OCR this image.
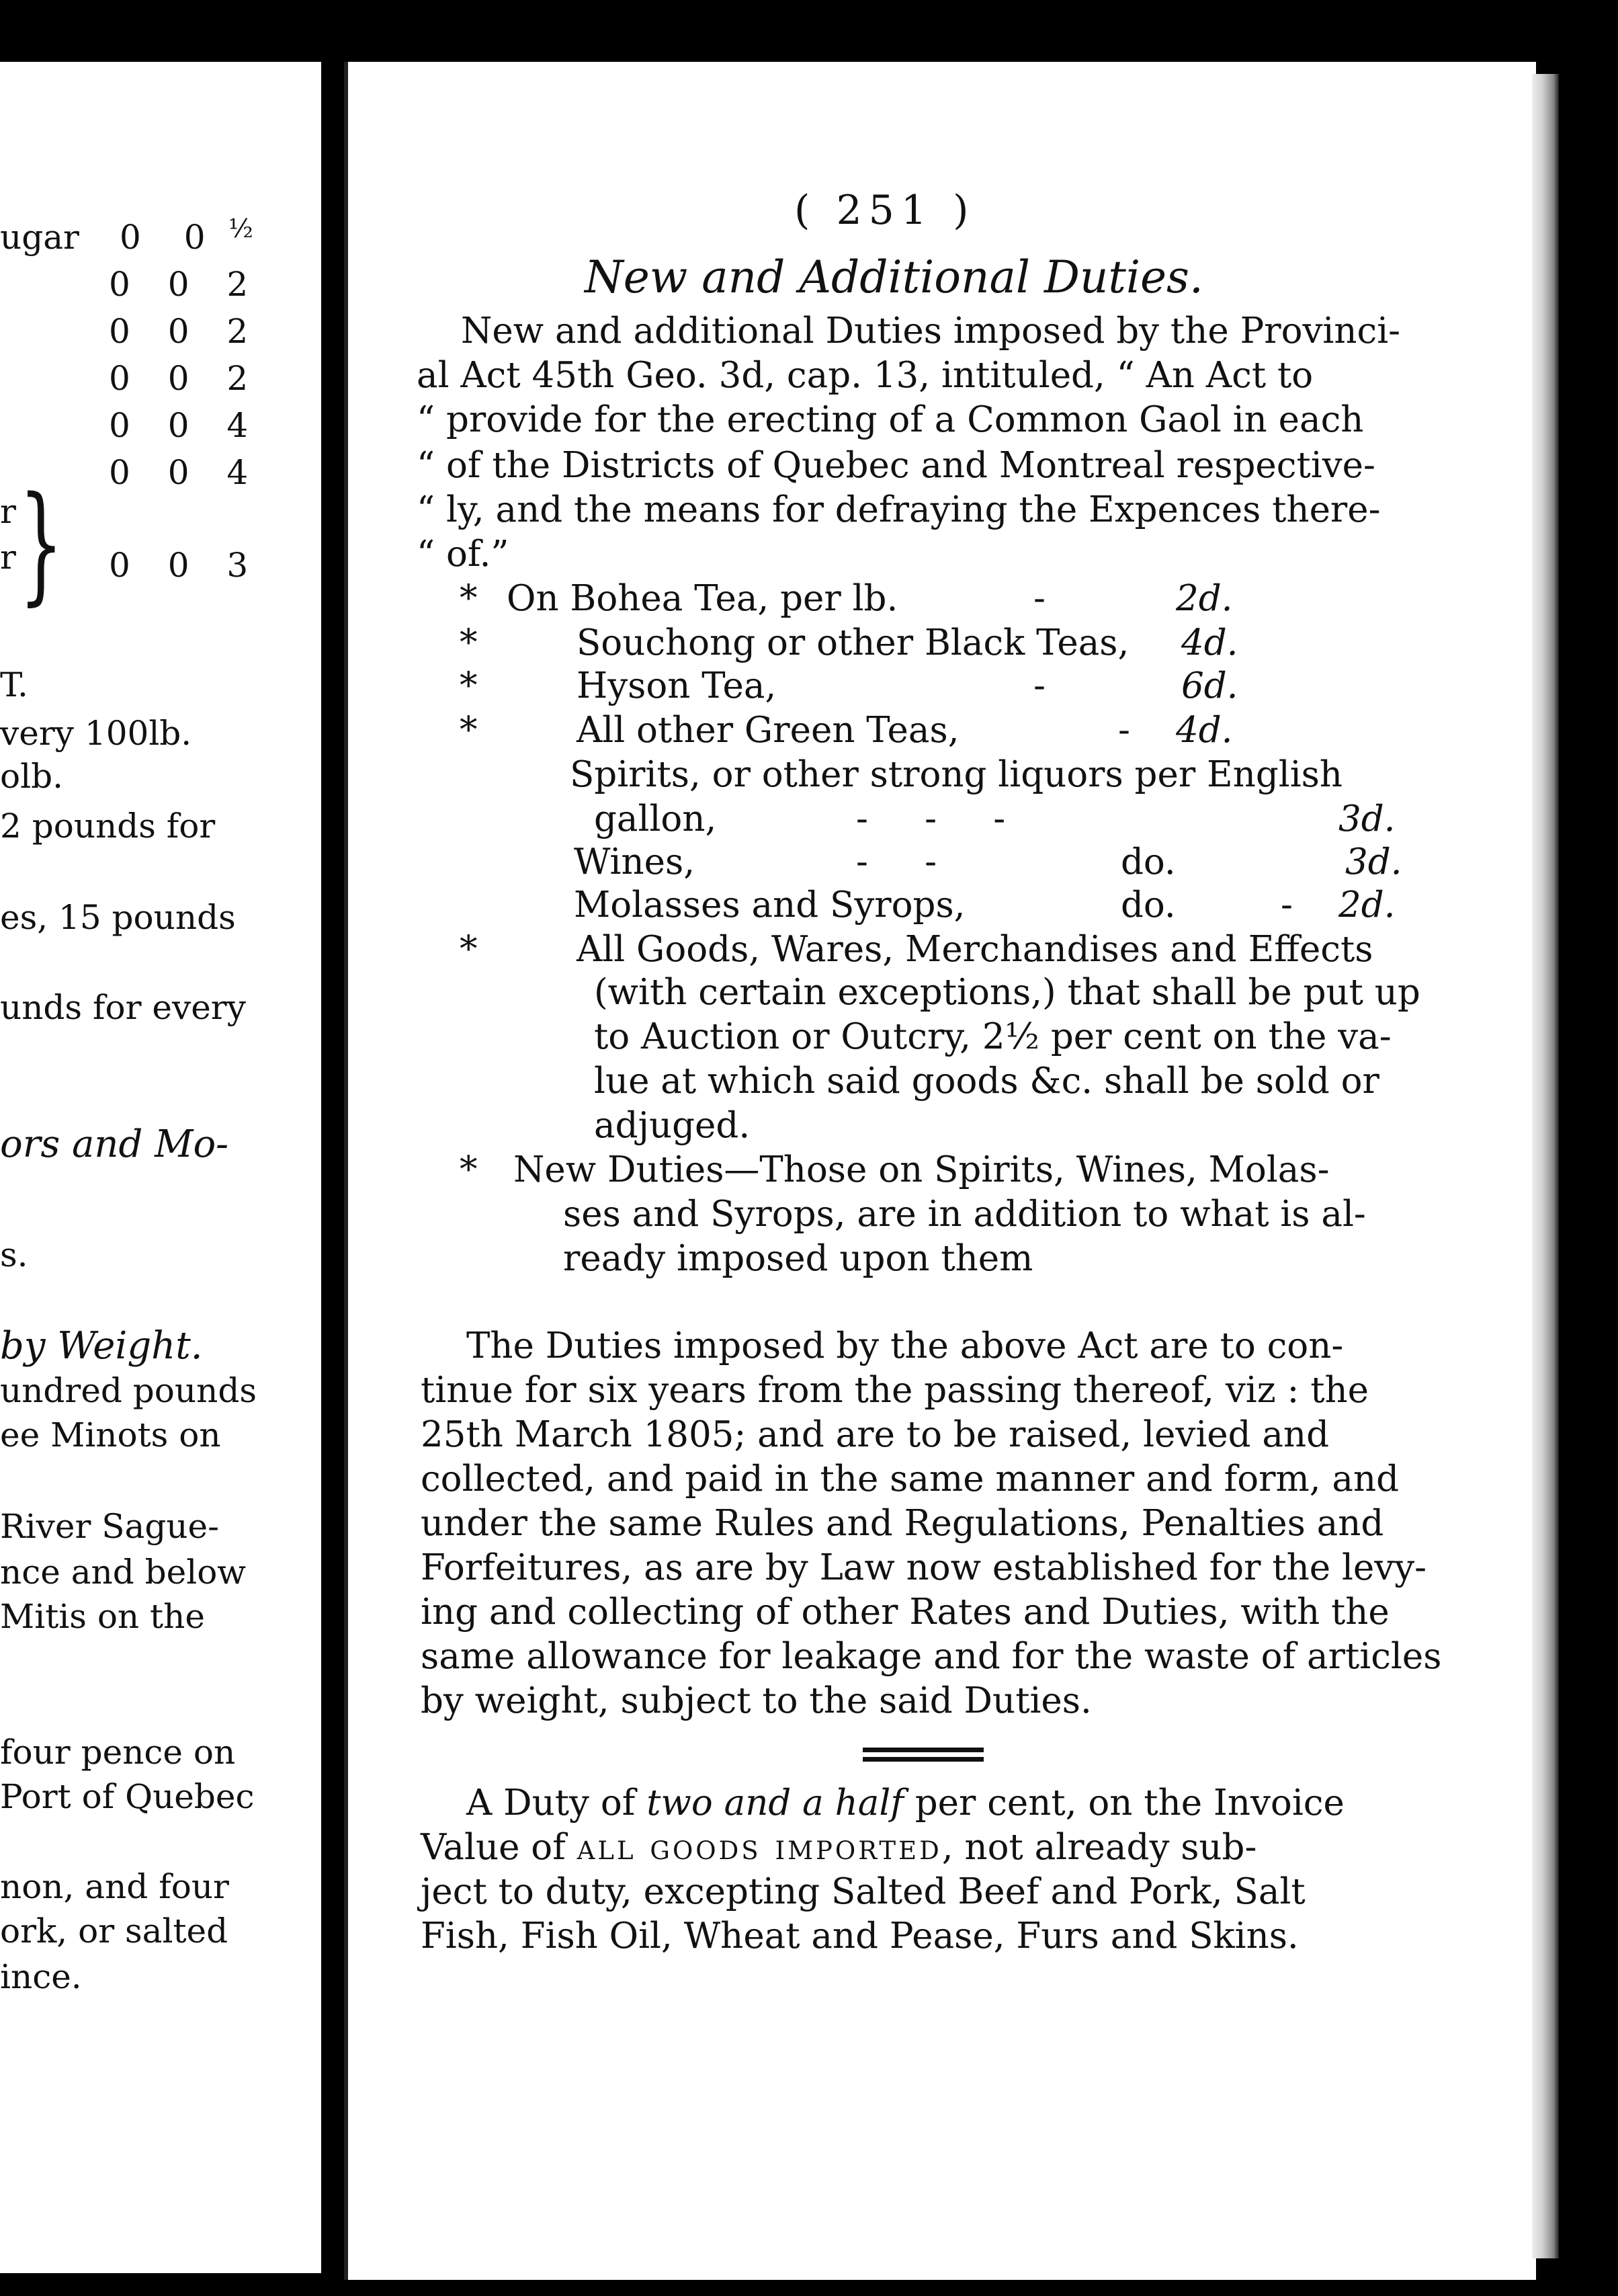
ugar 0 0 ½
0 0 2
0 0 2
0 0 2
0 0 4
0 0 4
r
r } 0 0 3
T.
very 100lb.
olb.
2 pounds for
es, 15 pounds
unds for every
ors and Mo-
s.
by Weight.
undred pounds
ee Minots on
River Sague-
nce and below
Mitis on the
four pence on
Port of Quebec
non, and four
ork, or salted
ince.
( 251 )
New and Additional Duties.
New and additional Duties imposed by the Provinci-
al Act 45th Geo. 3d, cap. 13, intituled, “ An Act to
“ provide for the erecting of a Common Gaol in each
“ of the Districts of Quebec and Montreal respective-
“ ly, and the means for defraying the Expences there-
“ of.”
* On Bohea Tea, per lb.	-	2d.
*	Souchong or other Black Teas, 4d.
*	Hyson Tea,	-	6d.
*	All other Green Teas,	- 4d.
Spirits, or other strong liquors per English
gallon,	-     -     -	3d.
Wines,	-     -	do.	3d.
Molasses and Syrops,	do.	- 2d.
*	All Goods, Wares, Merchandises and Effects
(with certain exceptions,) that shall be put up
to Auction or Outcry, 2½ per cent on the va-
lue at which said goods &c. shall be sold or
adjuged.
* New Duties—Those on Spirits, Wines, Molas-
ses and Syrops, are in addition to what is al-
ready imposed upon them
The Duties imposed by the above Act are to con-
tinue for six years from the passing thereof, viz : the
25th March 1805; and are to be raised, levied and
collected, and paid in the same manner and form, and
under the same Rules and Regulations, Penalties and
Forfeitures, as are by Law now established for the levy-
ing and collecting of other Rates and Duties, with the
same allowance for leakage and for the waste of articles
by weight, subject to the said Duties.
A Duty of two and a half per cent, on the Invoice
Value of all goods imported, not already sub-
ject to duty, excepting Salted Beef and Pork, Salt
Fish, Fish Oil, Wheat and Pease, Furs and Skins.
